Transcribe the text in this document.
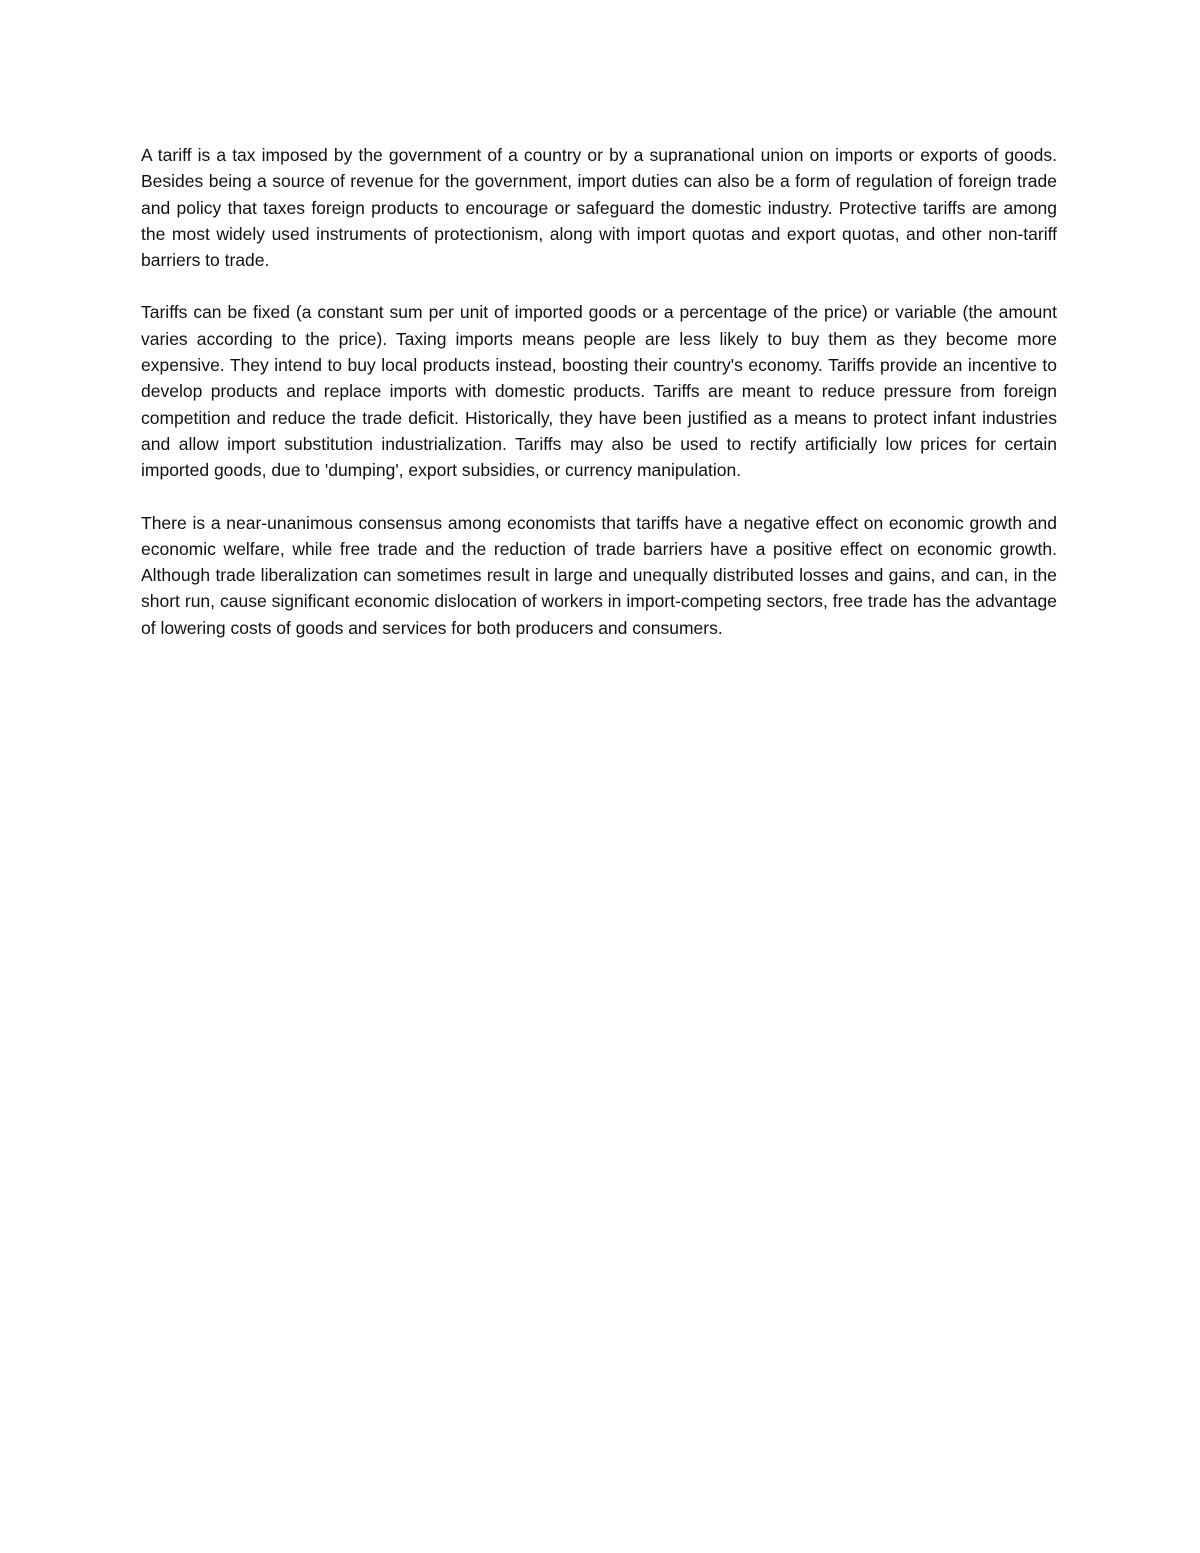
A tariff is a tax imposed by the government of a country or by a supranational union on imports or exports of goods. Besides being a source of revenue for the government, import duties can also be a form of regulation of foreign trade and policy that taxes foreign products to encourage or safeguard the domestic industry. Protective tariffs are among the most widely used instruments of protectionism, along with import quotas and export quotas, and other non-tariff barriers to trade.

Tariffs can be fixed (a constant sum per unit of imported goods or a percentage of the price) or variable (the amount varies according to the price). Taxing imports means people are less likely to buy them as they become more expensive. They intend to buy local products instead, boosting their country's economy. Tariffs provide an incentive to develop products and replace imports with domestic products. Tariffs are meant to reduce pressure from foreign competition and reduce the trade deficit. Historically, they have been justified as a means to protect infant industries and allow import substitution industrialization. Tariffs may also be used to rectify artificially low prices for certain imported goods, due to 'dumping', export subsidies, or currency manipulation.

There is a near-unanimous consensus among economists that tariffs have a negative effect on economic growth and economic welfare, while free trade and the reduction of trade barriers have a positive effect on economic growth. Although trade liberalization can sometimes result in large and unequally distributed losses and gains, and can, in the short run, cause significant economic dislocation of workers in import-competing sectors, free trade has the advantage of lowering costs of goods and services for both producers and consumers.
